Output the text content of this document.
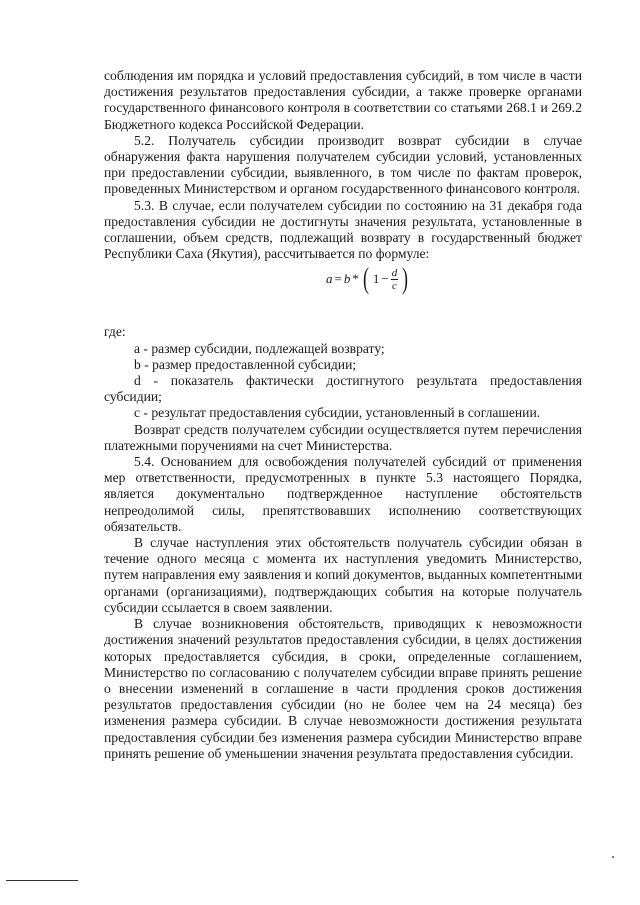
соблюдения им порядка и условий предоставления субсидий, в том числе в части достижения результатов предоставления субсидии, а также проверке органами государственного финансового контроля в соответствии со статьями 268.1 и 269.2 Бюджетного кодекса Российской Федерации.

5.2. Получатель субсидии производит возврат субсидии в случае обнаружения факта нарушения получателем субсидии условий, установленных при предоставлении субсидии, выявленного, в том числе по фактам проверок, проведенных Министерством и органом государственного финансового контроля.

5.3. В случае, если получателем субсидии по состоянию на 31 декабря года предоставления субсидии не достигнуты значения результата, установленные в соглашении, объем средств, подлежащий возврату в государственный бюджет Республики Саха (Якутия), рассчитывается по формуле:

a = b * ( $1 - \frac{d}{c}$ )

где:

a - размер субсидии, подлежащей возврату;

b - размер предоставленной субсидии;

d - показатель фактически достигнутого результата предоставления субсидии;

c - результат предоставления субсидии, установленный в соглашении.

Возврат средств получателем субсидии осуществляется путем перечисления платежными поручениями на счет Министерства.

5.4. Основанием для освобождения получателей субсидий от применения мер ответственности, предусмотренных в пункте 5.3 настоящего Порядка, является документально подтвержденное наступление обстоятельств непреодолимой силы, препятствовавших исполнению соответствующих обязательств.

В случае наступления этих обстоятельств получатель субсидии обязан в течение одного месяца с момента их наступления уведомить Министерство, путем направления ему заявления и копий документов, выданных компетентными органами (организациями), подтверждающих события на которые получатель субсидии ссылается в своем заявлении.

В случае возникновения обстоятельств, приводящих к невозможности достижения значений результатов предоставления субсидии, в целях достижения которых предоставляется субсидия, в сроки, определенные соглашением, Министерство по согласованию с получателем субсидии вправе принять решение о внесении изменений в соглашение в части продления сроков достижения результатов предоставления субсидии (но не более чем на 24 месяца) без изменения размера субсидии. В случае невозможности достижения результата предоставления субсидии без изменения размера субсидии Министерство вправе принять решение об уменьшении значения результата предоставления субсидии.
